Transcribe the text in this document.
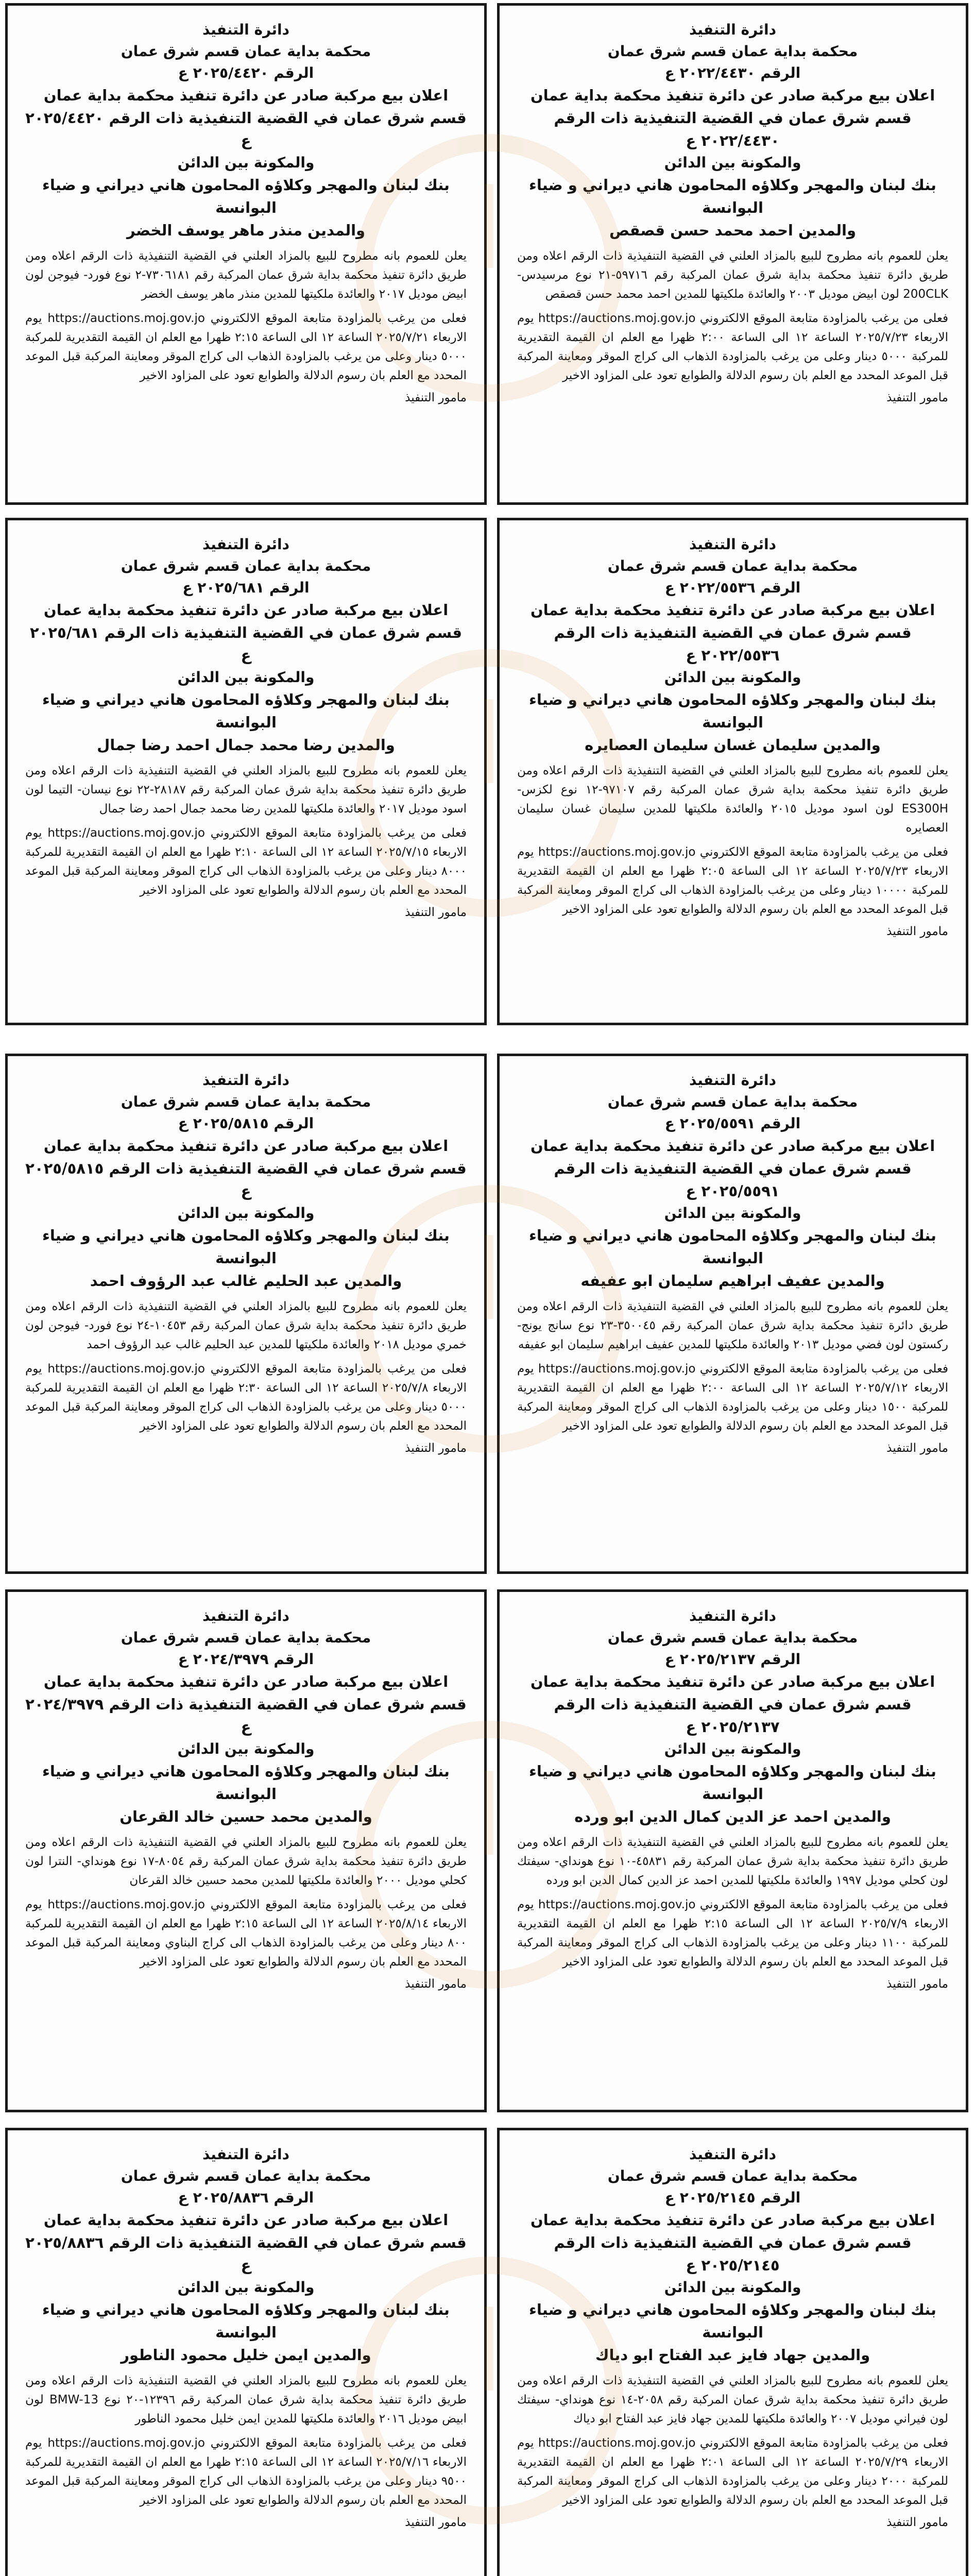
دائرة التنفيذ
محكمة بداية عمان قسم شرق عمان
الرقم ٢٠٢٢/٤٤٣٠ ع
اعلان بيع مركبة صادر عن دائرة تنفيذ محكمة بداية عمان قسم شرق عمان في القضية التنفيذية ذات الرقم ٢٠٢٢/٤٤٣٠ ع
والمكونة بين الدائن
بنك لبنان والمهجر وكلاؤه المحامون هاني ديراني و ضياء البوانسة
والمدين احمد محمد حسن قصقص
يعلن للعموم بانه مطروح للبيع بالمزاد العلني في القضية التنفيذية ذات الرقم اعلاه ومن طريق دائرة تنفيذ محكمة بداية شرق عمان المركبة رقم ٥٩٧١٦-٢١ نوع مرسيدس- 200CLK لون ابيض موديل ٢٠٠٣ والعائدة ملكيتها للمدين احمد محمد حسن قصقص
فعلى من يرغب بالمزاودة متابعة الموقع الالكتروني https://auctions.moj.gov.jo يوم الاربعاء ٢٠٢٥/٧/٢٣ الساعة ١٢ الى الساعة ٢:٠٠ ظهرا مع العلم ان القيمة التقديرية للمركبة ٥٠٠٠ دينار وعلى من يرغب بالمزاودة الذهاب الى كراج الموقر ومعاينة المركبة قبل الموعد المحدد مع العلم بان رسوم الدلالة والطوابع تعود على المزاود الاخير
مامور التنفيذ
دائرة التنفيذ
محكمة بداية عمان قسم شرق عمان
الرقم ٢٠٢٥/٤٤٢٠ ع
اعلان بيع مركبة صادر عن دائرة تنفيذ محكمة بداية عمان قسم شرق عمان في القضية التنفيذية ذات الرقم ٢٠٢٥/٤٤٢٠ ع
والمكونة بين الدائن
بنك لبنان والمهجر وكلاؤه المحامون هاني ديراني و ضياء البوانسة
والمدين منذر ماهر يوسف الخضر
يعلن للعموم بانه مطروح للبيع بالمزاد العلني في القضية التنفيذية ذات الرقم اعلاه ومن طريق دائرة تنفيذ محكمة بداية شرق عمان المركبة رقم ٧٣٠٦١٨١-٢ نوع فورد- فيوجن لون ابيض موديل ٢٠١٧ والعائدة ملكيتها للمدين منذر ماهر يوسف الخضر
فعلى من يرغب بالمزاودة متابعة الموقع الالكتروني https://auctions.moj.gov.jo يوم الاربعاء ٢٠٢٥/٧/٢١ الساعة ١٢ الى الساعة ٢:١٥ ظهرا مع العلم ان القيمة التقديرية للمركبة ٥٠٠٠ دينار وعلى من يرغب بالمزاودة الذهاب الى كراج الموقر ومعاينة المركبة قبل الموعد المحدد مع العلم بان رسوم الدلالة والطوابع تعود على المزاود الاخير
مامور التنفيذ
دائرة التنفيذ
محكمة بداية عمان قسم شرق عمان
الرقم ٢٠٢٢/٥٥٣٦ ع
اعلان بيع مركبة صادر عن دائرة تنفيذ محكمة بداية عمان قسم شرق عمان في القضية التنفيذية ذات الرقم ٢٠٢٢/٥٥٣٦ ع
والمكونة بين الدائن
بنك لبنان والمهجر وكلاؤه المحامون هاني ديراني و ضياء البوانسة
والمدين سليمان غسان سليمان العصايره
يعلن للعموم بانه مطروح للبيع بالمزاد العلني في القضية التنفيذية ذات الرقم اعلاه ومن طريق دائرة تنفيذ محكمة بداية شرق عمان المركبة رقم ٩٧١٠٧-١٢ نوع لكزس- ES300H لون اسود موديل ٢٠١٥ والعائدة ملكيتها للمدين سليمان غسان سليمان العصايره
فعلى من يرغب بالمزاودة متابعة الموقع الالكتروني https://auctions.moj.gov.jo يوم الاربعاء ٢٠٢٥/٧/٢٣ الساعة ١٢ الى الساعة ٢:٠٥ ظهرا مع العلم ان القيمة التقديرية للمركبة ١٠٠٠٠ دينار وعلى من يرغب بالمزاودة الذهاب الى كراج الموقر ومعاينة المركبة قبل الموعد المحدد مع العلم بان رسوم الدلالة والطوابع تعود على المزاود الاخير
مامور التنفيذ
دائرة التنفيذ
محكمة بداية عمان قسم شرق عمان
الرقم ٢٠٢٥/٦٨١ ع
اعلان بيع مركبة صادر عن دائرة تنفيذ محكمة بداية عمان قسم شرق عمان في القضية التنفيذية ذات الرقم ٢٠٢٥/٦٨١ ع
والمكونة بين الدائن
بنك لبنان والمهجر وكلاؤه المحامون هاني ديراني و ضياء البوانسة
والمدين رضا محمد جمال احمد رضا جمال
يعلن للعموم بانه مطروح للبيع بالمزاد العلني في القضية التنفيذية ذات الرقم اعلاه ومن طريق دائرة تنفيذ محكمة بداية شرق عمان المركبة رقم ٢٨١٨٧-٢٢ نوع نيسان- التيما لون اسود موديل ٢٠١٧ والعائدة ملكيتها للمدين رضا محمد جمال احمد رضا جمال
فعلى من يرغب بالمزاودة متابعة الموقع الالكتروني https://auctions.moj.gov.jo يوم الاربعاء ٢٠٢٥/٧/١٥ الساعة ١٢ الى الساعة ٢:١٠ ظهرا مع العلم ان القيمة التقديرية للمركبة ٨٠٠٠ دينار وعلى من يرغب بالمزاودة الذهاب الى كراج الموقر ومعاينة المركبة قبل الموعد المحدد مع العلم بان رسوم الدلالة والطوابع تعود على المزاود الاخير
مامور التنفيذ
دائرة التنفيذ
محكمة بداية عمان قسم شرق عمان
الرقم ٢٠٢٥/٥٥٩١ ع
اعلان بيع مركبة صادر عن دائرة تنفيذ محكمة بداية عمان قسم شرق عمان في القضية التنفيذية ذات الرقم ٢٠٢٥/٥٥٩١ ع
والمكونة بين الدائن
بنك لبنان والمهجر وكلاؤه المحامون هاني ديراني و ضياء البوانسة
والمدين عفيف ابراهيم سليمان ابو عفيفه
يعلن للعموم بانه مطروح للبيع بالمزاد العلني في القضية التنفيذية ذات الرقم اعلاه ومن طريق دائرة تنفيذ محكمة بداية شرق عمان المركبة رقم ٣٥٠٠٤٥-٢٣ نوع سانج يونج- ركستون لون فضي موديل ٢٠١٣ والعائدة ملكيتها للمدين عفيف ابراهيم سليمان ابو عفيفه
فعلى من يرغب بالمزاودة متابعة الموقع الالكتروني https://auctions.moj.gov.jo يوم الاربعاء ٢٠٢٥/٧/١٢ الساعة ١٢ الى الساعة ٢:٠٠ ظهرا مع العلم ان القيمة التقديرية للمركبة ١٥٠٠ دينار وعلى من يرغب بالمزاودة الذهاب الى كراج الموقر ومعاينة المركبة قبل الموعد المحدد مع العلم بان رسوم الدلالة والطوابع تعود على المزاود الاخير
مامور التنفيذ
دائرة التنفيذ
محكمة بداية عمان قسم شرق عمان
الرقم ٢٠٢٥/٥٨١٥ ع
اعلان بيع مركبة صادر عن دائرة تنفيذ محكمة بداية عمان قسم شرق عمان في القضية التنفيذية ذات الرقم ٢٠٢٥/٥٨١٥ ع
والمكونة بين الدائن
بنك لبنان والمهجر وكلاؤه المحامون هاني ديراني و ضياء البوانسة
والمدين عبد الحليم غالب عبد الرؤوف احمد
يعلن للعموم بانه مطروح للبيع بالمزاد العلني في القضية التنفيذية ذات الرقم اعلاه ومن طريق دائرة تنفيذ محكمة بداية شرق عمان المركبة رقم ١٠٤٥٣-٢٤ نوع فورد- فيوجن لون خمري موديل ٢٠١٨ والعائدة ملكيتها للمدين عبد الحليم غالب عبد الرؤوف احمد
فعلى من يرغب بالمزاودة متابعة الموقع الالكتروني https://auctions.moj.gov.jo يوم الاربعاء ٢٠٢٥/٧/٨ الساعة ١٢ الى الساعة ٢:٣٠ ظهرا مع العلم ان القيمة التقديرية للمركبة ٥٠٠٠ دينار وعلى من يرغب بالمزاودة الذهاب الى كراج الموقر ومعاينة المركبة قبل الموعد المحدد مع العلم بان رسوم الدلالة والطوابع تعود على المزاود الاخير
مامور التنفيذ
دائرة التنفيذ
محكمة بداية عمان قسم شرق عمان
الرقم ٢٠٢٥/٢١٣٧ ع
اعلان بيع مركبة صادر عن دائرة تنفيذ محكمة بداية عمان قسم شرق عمان في القضية التنفيذية ذات الرقم ٢٠٢٥/٢١٣٧ ع
والمكونة بين الدائن
بنك لبنان والمهجر وكلاؤه المحامون هاني ديراني و ضياء البوانسة
والمدين احمد عز الدين كمال الدين ابو ورده
يعلن للعموم بانه مطروح للبيع بالمزاد العلني في القضية التنفيذية ذات الرقم اعلاه ومن طريق دائرة تنفيذ محكمة بداية شرق عمان المركبة رقم ٤٥٨٣١-١٠ نوع هونداي- سيفتك لون كحلي موديل ١٩٩٧ والعائدة ملكيتها للمدين احمد عز الدين كمال الدين ابو ورده
فعلى من يرغب بالمزاودة متابعة الموقع الالكتروني https://auctions.moj.gov.jo يوم الاربعاء ٢٠٢٥/٧/٩ الساعة ١٢ الى الساعة ٢:١٥ ظهرا مع العلم ان القيمة التقديرية للمركبة ١١٠٠ دينار وعلى من يرغب بالمزاودة الذهاب الى كراج الموقر ومعاينة المركبة قبل الموعد المحدد مع العلم بان رسوم الدلالة والطوابع تعود على المزاود الاخير
مامور التنفيذ
دائرة التنفيذ
محكمة بداية عمان قسم شرق عمان
الرقم ٢٠٢٤/٣٩٧٩ ع
اعلان بيع مركبة صادر عن دائرة تنفيذ محكمة بداية عمان قسم شرق عمان في القضية التنفيذية ذات الرقم ٢٠٢٤/٣٩٧٩ ع
والمكونة بين الدائن
بنك لبنان والمهجر وكلاؤه المحامون هاني ديراني و ضياء البوانسة
والمدين محمد حسين خالد القرعان
يعلن للعموم بانه مطروح للبيع بالمزاد العلني في القضية التنفيذية ذات الرقم اعلاه ومن طريق دائرة تنفيذ محكمة بداية شرق عمان المركبة رقم ٨٠٥٤-١٧ نوع هونداي- النترا لون كحلي موديل ٢٠٠٠ والعائدة ملكيتها للمدين محمد حسين خالد القرعان
فعلى من يرغب بالمزاودة متابعة الموقع الالكتروني https://auctions.moj.gov.jo يوم الاربعاء ٢٠٢٥/٨/١٤ الساعة ١٢ الى الساعة ٢:١٥ ظهرا مع العلم ان القيمة التقديرية للمركبة ٨٠٠ دينار وعلى من يرغب بالمزاودة الذهاب الى كراج البناوي ومعاينة المركبة قبل الموعد المحدد مع العلم بان رسوم الدلالة والطوابع تعود على المزاود الاخير
مامور التنفيذ
دائرة التنفيذ
محكمة بداية عمان قسم شرق عمان
الرقم ٢٠٢٥/٢١٤٥ ع
اعلان بيع مركبة صادر عن دائرة تنفيذ محكمة بداية عمان قسم شرق عمان في القضية التنفيذية ذات الرقم ٢٠٢٥/٢١٤٥ ع
والمكونة بين الدائن
بنك لبنان والمهجر وكلاؤه المحامون هاني ديراني و ضياء البوانسة
والمدين جهاد فايز عبد الفتاح ابو دياك
يعلن للعموم بانه مطروح للبيع بالمزاد العلني في القضية التنفيذية ذات الرقم اعلاه ومن طريق دائرة تنفيذ محكمة بداية شرق عمان المركبة رقم ٢٠٥٨-١٤ نوع هونداي- سيفتك لون فيراني موديل ٢٠٠٧ والعائدة ملكيتها للمدين جهاد فايز عبد الفتاح ابو دياك
فعلى من يرغب بالمزاودة متابعة الموقع الالكتروني https://auctions.moj.gov.jo يوم الاربعاء ٢٠٢٥/٧/٢٩ الساعة ١٢ الى الساعة ٢:٠١ ظهرا مع العلم ان القيمة التقديرية للمركبة ٢٠٠٠ دينار وعلى من يرغب بالمزاودة الذهاب الى كراج الموقر ومعاينة المركبة قبل الموعد المحدد مع العلم بان رسوم الدلالة والطوابع تعود على المزاود الاخير
مامور التنفيذ
دائرة التنفيذ
محكمة بداية عمان قسم شرق عمان
الرقم ٢٠٢٥/٨٨٣٦ ع
اعلان بيع مركبة صادر عن دائرة تنفيذ محكمة بداية عمان قسم شرق عمان في القضية التنفيذية ذات الرقم ٢٠٢٥/٨٨٣٦ ع
والمكونة بين الدائن
بنك لبنان والمهجر وكلاؤه المحامون هاني ديراني و ضياء البوانسة
والمدين ايمن خليل محمود الناطور
يعلن للعموم بانه مطروح للبيع بالمزاد العلني في القضية التنفيذية ذات الرقم اعلاه ومن طريق دائرة تنفيذ محكمة بداية شرق عمان المركبة رقم ١٢٣٩٦-٢٠ نوع BMW-13 لون ابيض موديل ٢٠١٦ والعائدة ملكيتها للمدين ايمن خليل محمود الناطور
فعلى من يرغب بالمزاودة متابعة الموقع الالكتروني https://auctions.moj.gov.jo يوم الاربعاء ٢٠٢٥/٧/١٦ الساعة ١٢ الى الساعة ٢:١٥ ظهرا مع العلم ان القيمة التقديرية للمركبة ٩٥٠٠ دينار وعلى من يرغب بالمزاودة الذهاب الى كراج الموقر ومعاينة المركبة قبل الموعد المحدد مع العلم بان رسوم الدلالة والطوابع تعود على المزاود الاخير
مامور التنفيذ
